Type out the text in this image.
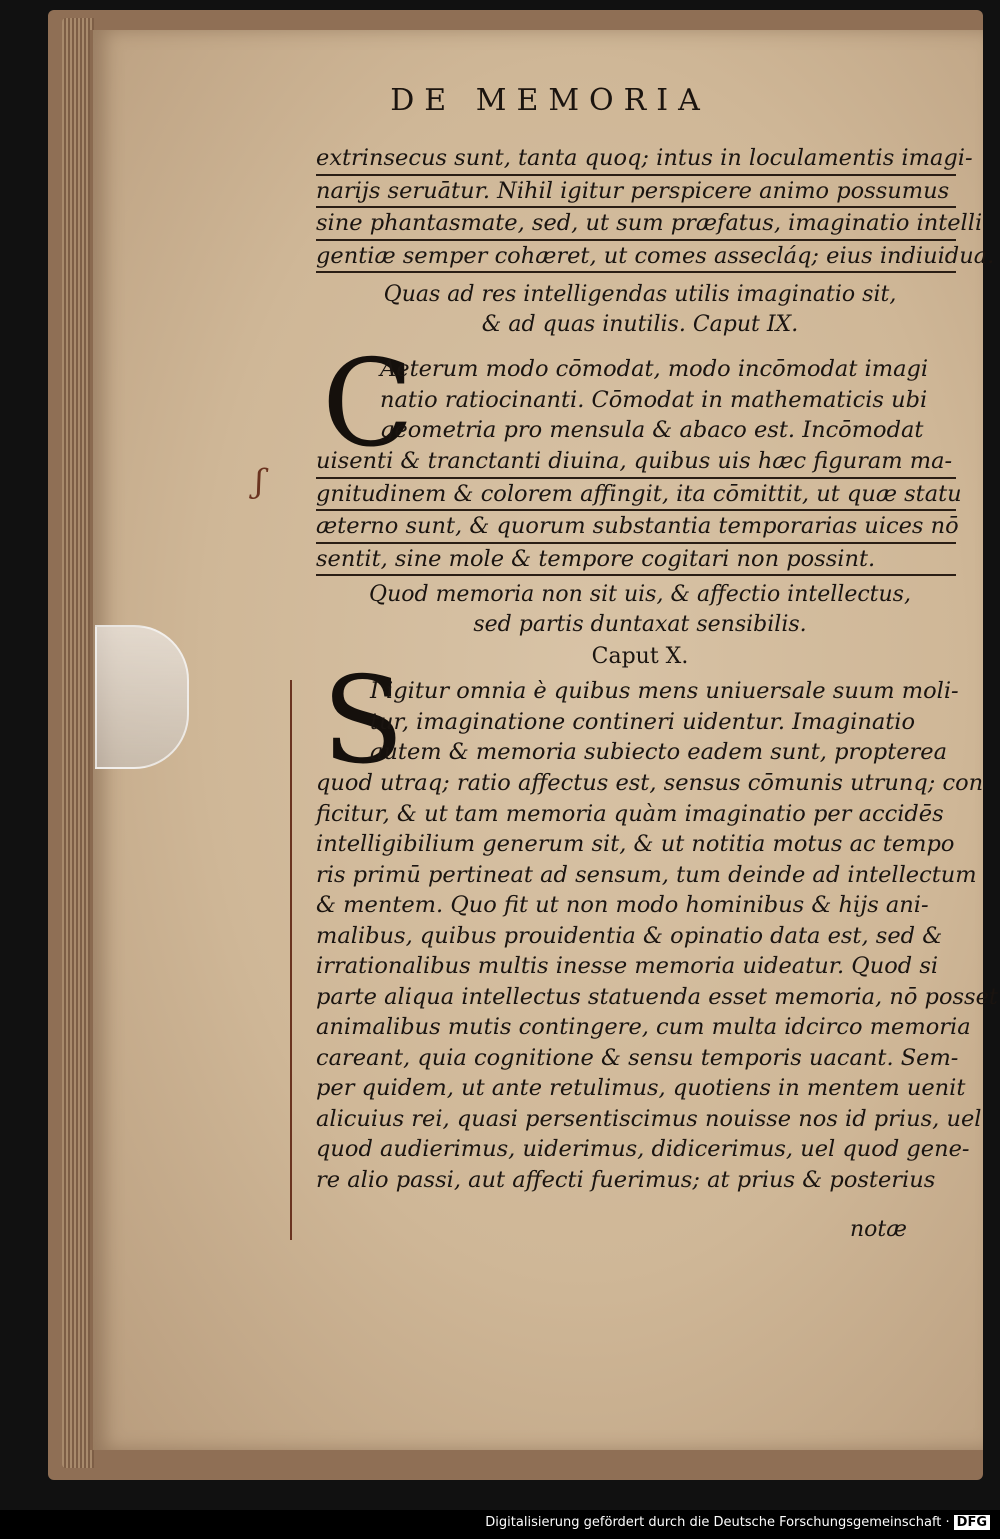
DE MEMORIA
extrinsecus sunt, tanta quoq; intus in loculamentis imagi-
narijs seruātur. Nihil igitur perspicere animo possumus
sine phantasmate, sed, ut sum præfatus, imaginatio intelli
gentiæ semper cohæret, ut comes assecláq; eius indiuidua.
Quas ad res intelligendas utilis imaginatio sit,
& ad quas inutilis. Caput IX.
C
Aeterum modo cōmodat, modo incōmodat imagi
natio ratiocinanti. Cōmodat in mathematicis ubi
geometria pro mensula & abaco est. Incōmodat
uisenti & tranctanti diuina, quibus uis hæc figuram ma-
gnitudinem & colorem affingit, ita cōmittit, ut quæ statu
æterno sunt, & quorum substantia temporarias uices nō
sentit, sine mole & tempore cogitari non possint.
ʃ
Quod memoria non sit uis, & affectio intellectus,
sed partis duntaxat sensibilis.
Caput X.
S
I igitur omnia è quibus mens uniuersale suum moli-
tur, imaginatione contineri uidentur. Imaginatio
autem & memoria subiecto eadem sunt, propterea
quod utraq; ratio affectus est, sensus cōmunis utrunq; con
ficitur, & ut tam memoria quàm imaginatio per accidēs
intelligibilium generum sit, & ut notitia motus ac tempo
ris primū pertineat ad sensum, tum deinde ad intellectum
& mentem. Quo fit ut non modo hominibus & hijs ani-
malibus, quibus prouidentia & opinatio data est, sed &
irrationalibus multis inesse memoria uideatur. Quod si
parte aliqua intellectus statuenda esset memoria, nō posset
animalibus mutis contingere, cum multa idcirco memoria
careant, quia cognitione & sensu temporis uacant. Sem-
per quidem, ut ante retulimus, quotiens in mentem uenit
alicuius rei, quasi persentiscimus nouisse nos id prius, uel
quod audierimus, uiderimus, didicerimus, uel quod gene-
re alio passi, aut affecti fuerimus; at prius & posterius
notæ
Digitalisierung gefördert durch die Deutsche Forschungsgemeinschaft · DFG
